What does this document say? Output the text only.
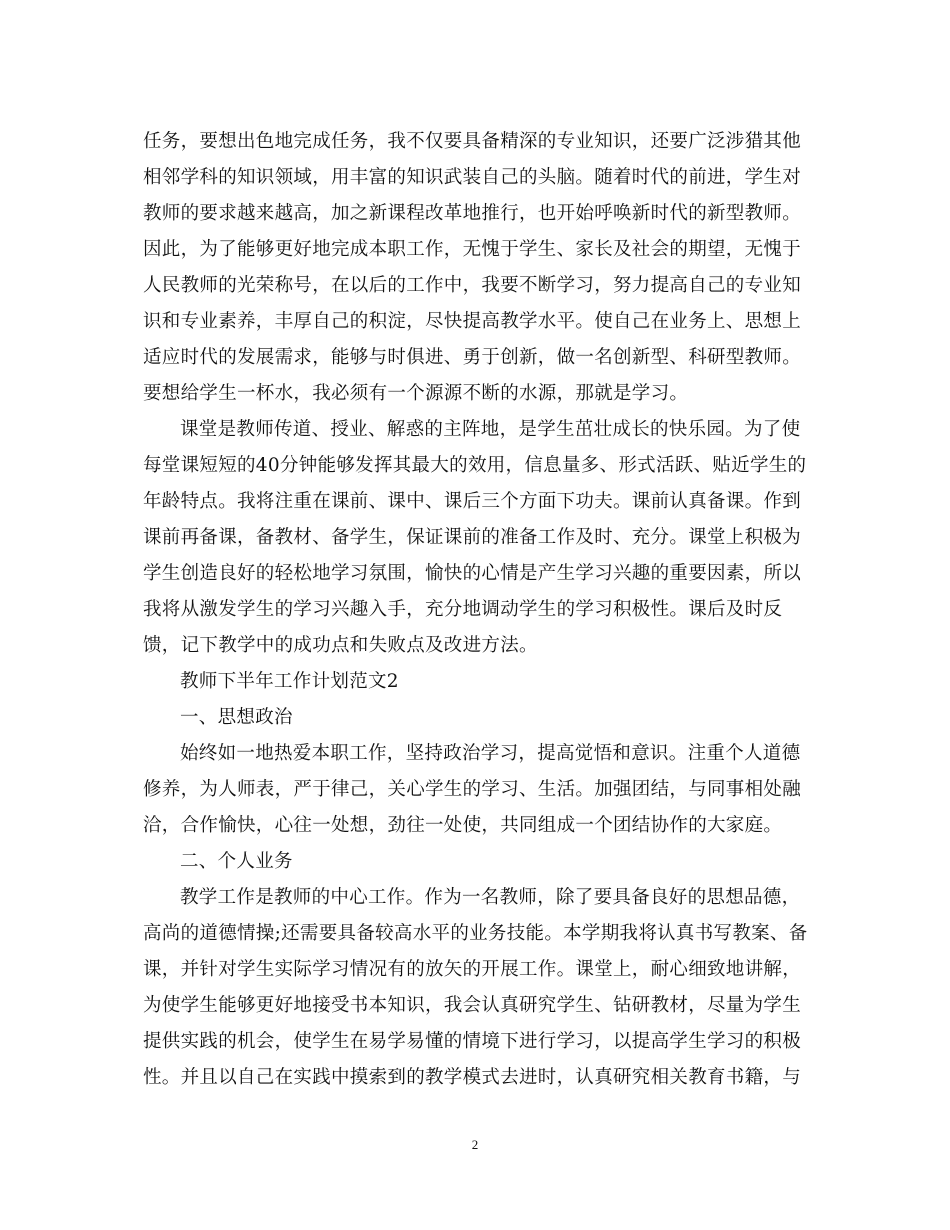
任务，要想出色地完成任务，我不仅要具备精深的专业知识，还要广泛涉猎其他
相邻学科的知识领域，用丰富的知识武装自己的头脑。随着时代的前进，学生对
教师的要求越来越高，加之新课程改革地推行，也开始呼唤新时代的新型教师。
因此，为了能够更好地完成本职工作，无愧于学生、家长及社会的期望，无愧于
人民教师的光荣称号，在以后的工作中，我要不断学习，努力提高自己的专业知
识和专业素养，丰厚自己的积淀，尽快提高教学水平。使自己在业务上、思想上
适应时代的发展需求，能够与时俱进、勇于创新，做一名创新型、科研型教师。
要想给学生一杯水，我必须有一个源源不断的水源，那就是学习。
课堂是教师传道、授业、解惑的主阵地，是学生茁壮成长的快乐园。为了使
每堂课短短的40分钟能够发挥其最大的效用，信息量多、形式活跃、贴近学生的
年龄特点。我将注重在课前、课中、课后三个方面下功夫。课前认真备课。作到
课前再备课，备教材、备学生，保证课前的准备工作及时、充分。课堂上积极为
学生创造良好的轻松地学习氛围，愉快的心情是产生学习兴趣的重要因素，所以
我将从激发学生的学习兴趣入手，充分地调动学生的学习积极性。课后及时反
馈，记下教学中的成功点和失败点及改进方法。
教师下半年工作计划范文2
一、思想政治
始终如一地热爱本职工作，坚持政治学习，提高觉悟和意识。注重个人道德
修养，为人师表，严于律己，关心学生的学习、生活。加强团结，与同事相处融
洽，合作愉快，心往一处想，劲往一处使，共同组成一个团结协作的大家庭。
二、个人业务
教学工作是教师的中心工作。作为一名教师，除了要具备良好的思想品德，
高尚的道德情操;还需要具备较高水平的业务技能。本学期我将认真书写教案、备
课，并针对学生实际学习情况有的放矢的开展工作。课堂上，耐心细致地讲解，
为使学生能够更好地接受书本知识，我会认真研究学生、钻研教材，尽量为学生
提供实践的机会，使学生在易学易懂的情境下进行学习，以提高学生学习的积极
性。并且以自己在实践中摸索到的教学模式去进时，认真研究相关教育书籍，与
2
